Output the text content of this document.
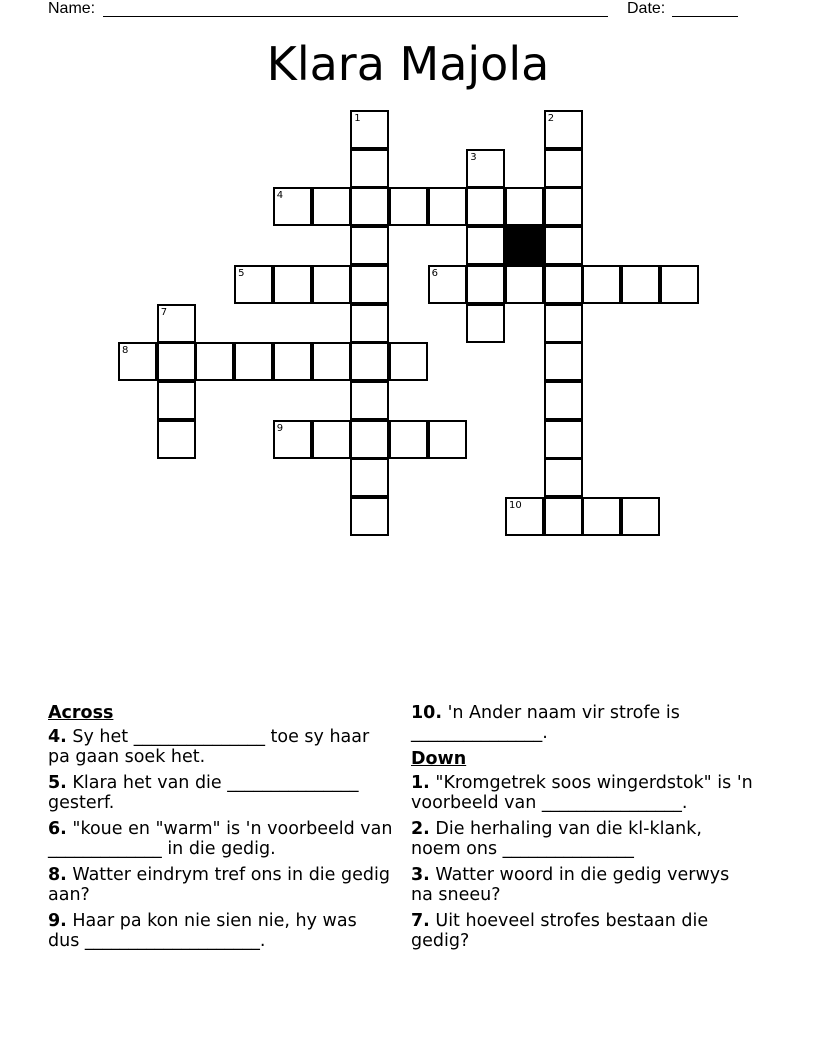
Name:	Date:
Klara Majola
1	2
3
4
5	6
7
8
9
10
Across
4. Sy het _______________ toe sy haar pa gaan soek het.
5. Klara het van die _______________ gesterf.
6. "koue en "warm" is 'n voorbeeld van _____________ in die gedig.
8. Watter eindrym tref ons in die gedig aan?
9. Haar pa kon nie sien nie, hy was dus ____________________.
10. 'n Ander naam vir strofe is _______________.
Down
1. "Kromgetrek soos wingerdstok" is 'n voorbeeld van ________________.
2. Die herhaling van die kl-klank, noem ons _______________
3. Watter woord in die gedig verwys na sneeu?
7. Uit hoeveel strofes bestaan die gedig?
